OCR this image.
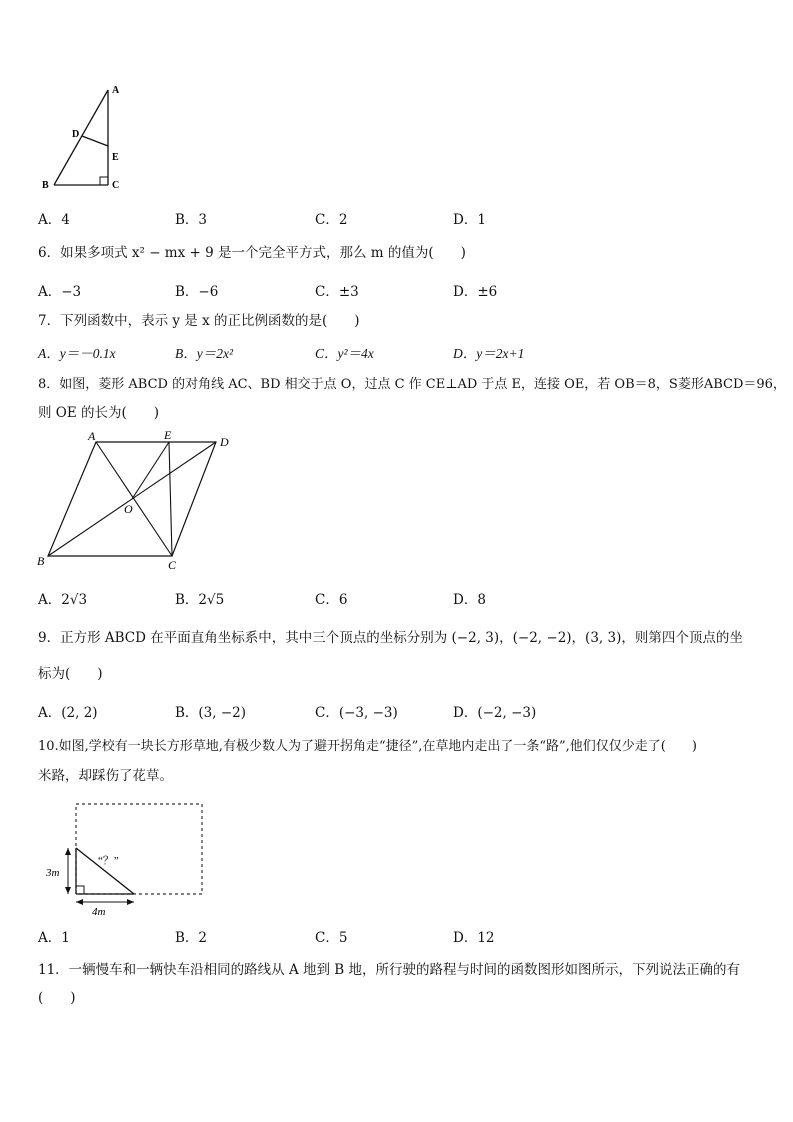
A
D
E
B	C
A．4	B．3	C．2	D．1
6．如果多项式 x² − mx + 9 是一个完全平方式，那么 m 的值为(　　)
A．−3	B．−6	C．±3	D．±6
7．下列函数中，表示 y 是 x 的正比例函数的是(　　)
A．y＝－0.1x	B．y＝2x²	C．y²＝4x	D．y＝2x+1
8．如图，菱形 ABCD 的对角线 AC、BD 相交于点 O，过点 C 作 CE⊥AD 于点 E，连接 OE，若 OB＝8，S菱形ABCD＝96，
则 OE 的长为(　　)
A	E	D
O
B	C
A．2√3	B．2√5	C．6	D．8
9．正方形 ABCD 在平面直角坐标系中，其中三个顶点的坐标分别为 (−2, 3)，(−2, −2)，(3, 3)，则第四个顶点的坐
标为(　　)
A．(2, 2)	B．(3, −2)	C．(−3, −3)	D．(−2, −3)
10.如图,学校有一块长方形草地,有极少数人为了避开拐角走“捷径”,在草地内走出了一条“路”,他们仅仅少走了(　　)
米路，却踩伤了花草。
3m
4m
“？”
A．1	B．2	C．5	D．12
11．一辆慢车和一辆快车沿相同的路线从 A 地到 B 地，所行驶的路程与时间的函数图形如图所示，下列说法正确的有(　　)
